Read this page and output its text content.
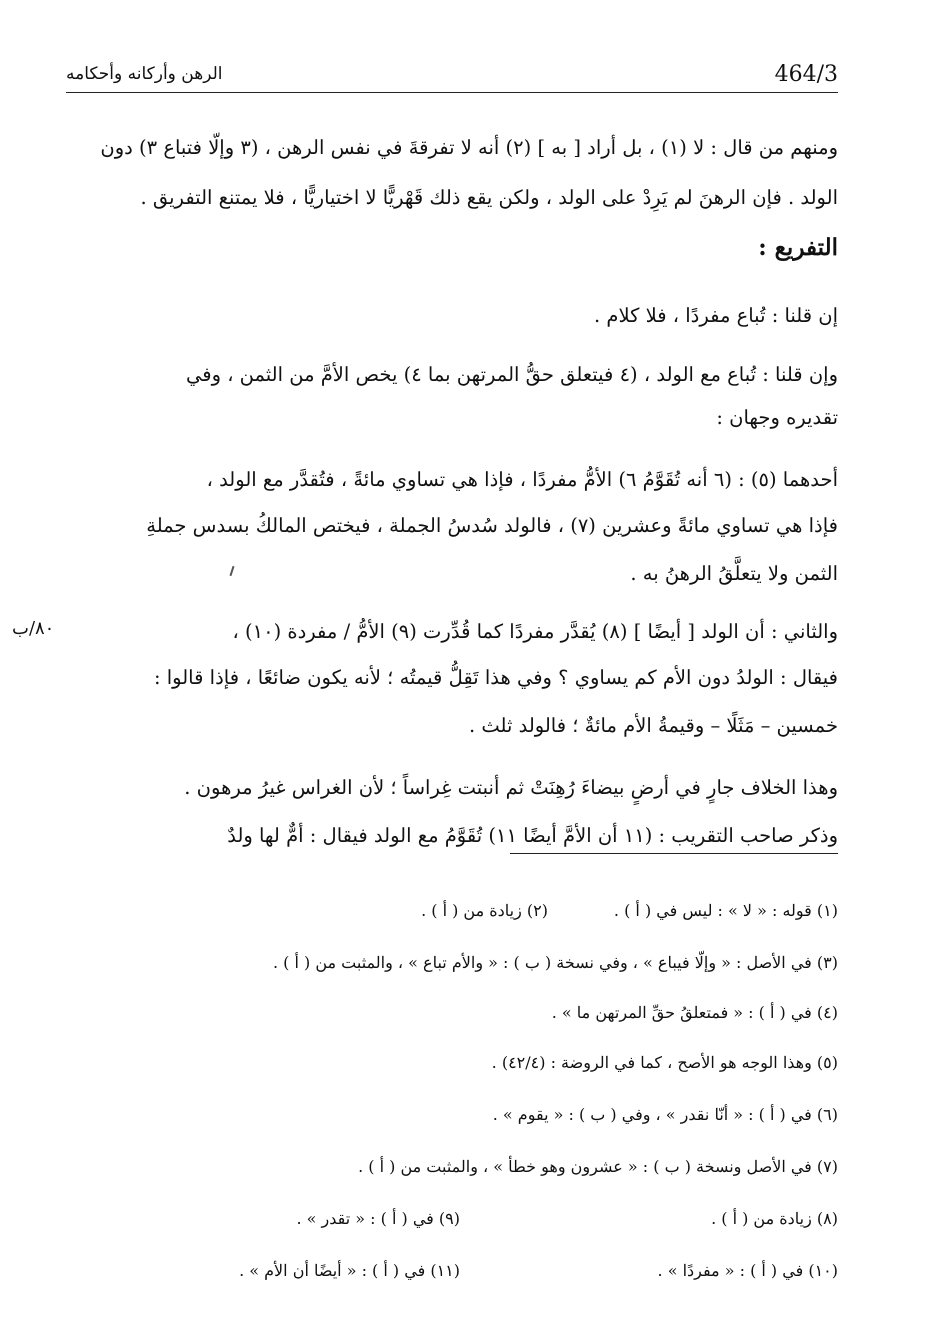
464/3
الرهن وأركانه وأحكامه
ومنهم من قال : لا (١) ، بل أراد [ به ] (٢) أنه لا تفرقةَ في نفس الرهن ، (٣ وإلّا فتباع ٣) دون
الولد . فإن الرهنَ لم يَرِدْ على الولد ، ولكن يقع ذلك قَهْريًّا لا اختياريًّا ، فلا يمتنع التفريق .
التفريع :
إن قلنا : تُباع مفردًا ، فلا كلام .
وإن قلنا : تُباع مع الولد ، (٤ فيتعلق حقُّ المرتهن بما ٤) يخص الأمَّ من الثمن ، وفي
تقديره وجهان :
أحدهما (٥) : (٦ أنه تُقَوَّمُ ٦) الأمُّ مفردًا ، فإذا هي تساوي مائةً ، فتُقدَّر مع الولد ،
فإذا هي تساوي مائةً وعشرين (٧) ، فالولد سُدسُ الجملة ، فيختص المالكُ بسدس جملةِ
الثمن ولا يتعلَّقُ الرهنُ به .
والثاني : أن الولد [ أيضًا ] (٨) يُقدَّر مفردًا كما قُدِّرت (٩) الأمُّ / مفردة (١٠) ،
٨٠/ب
فيقال : الولدُ دون الأم كم يساوي ؟ وفي هذا تَقِلُّ قيمتُه ؛ لأنه يكون ضائعًا ، فإذا قالوا :
خمسين – مَثَلًا – وقيمةُ الأم مائةٌ ؛ فالولد ثلث .
وهذا الخلاف جارٍ في أرضٍ بيضاءَ رُهِنَتْ ثم أنبتت غِراساً ؛ لأن الغراس غيرُ مرهون .
وذكر صاحب التقريب : (١١ أن الأمَّ أيضًا ١١) تُقَوَّمُ مع الولد فيقال : أمٌّ لها ولدٌ
(١) قوله : « لا » : ليس في ( أ ) .
(٢) زيادة من ( أ ) .
(٣) في الأصل : « وإلّا فيباع » ، وفي نسخة ( ب ) : « والأم تباع » ، والمثبت من ( أ ) .
(٤) في ( أ ) : « فمتعلقُ حقِّ المرتهن ما » .
(٥) وهذا الوجه هو الأصح ، كما في الروضة : (٤٢/٤) .
(٦) في ( أ ) : « أنّا نقدر » ، وفي ( ب ) : « يقوم » .
(٧) في الأصل ونسخة ( ب ) : « عشرون وهو خطأ » ، والمثبت من ( أ ) .
(٨) زيادة من ( أ ) .
(٩) في ( أ ) : « تقدر » .
(١٠) في ( أ ) : « مفردًا » .
(١١) في ( أ ) : « أيضًا أن الأم » .
